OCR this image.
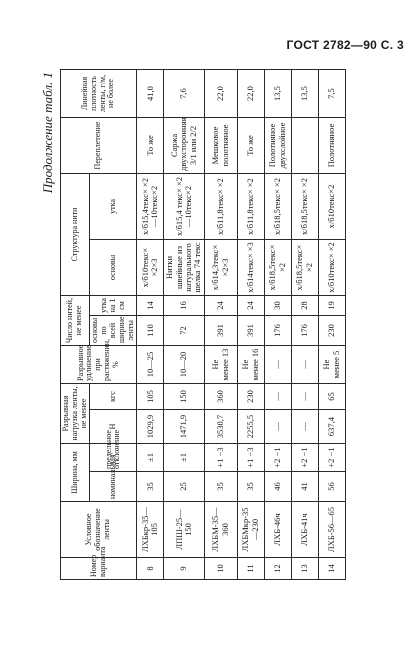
ГОСТ 2782—90 С. 3
Продолжение табл. 1
Номер варианта	Условное обозначение ленты	Ширина, мм		Разрывная нагрузка ленты, не менее		Разрывное удлинение при растяжении, %	Число нитей, не менее		Структура нити		Переплетение	Линейная плотность ленты, г/м, не более
		номинальная	предельное отклонение	Н	кгс		основы по всей ширине ленты	утка на 1 см	основы	утка		
8	ЛХБкр-35—105	35	±1	1029,9	105	10—25	110	14	х/б10текс× ×2×3	х/б15,4текс× ×2—10текс×2	То же	41,0
9	ЛПШ-25—150	25	±1	1471,9	150	10—20	72	16	Нитки швейные из натурального шелка 74 текс	х/б15,4 текс× ×2—10текс×2	Саржа двухсторонняя 3/1 или 2/2	7,6
10	ЛХБМ-35—360	35	+1 −3	3530,7	360	Не менее 13	391	24	х/б14,3текс× ×2×3	х/б11,8текс× ×2	Мешковое полотняное	22,0
11	ЛХБМкр-35—230	35	+1 −3	2255,5	230	Не менее 16	391	24	х/б14текс× ×3	х/б11,8текс× ×2	То же	22,0
12	ЛХБ-46ч	46	+2 −1	—	—	—	176	30	х/б18,5текс× ×2	х/б18,5текс× ×2	Полотняное двухслойное	13,5
13	ЛХБ-41ч	41	+2 −1	—	—	—	176	28	х/б18,5текс× ×2	х/б18,5текс× ×2		13,5
14	ЛХБ-56—65	56	+2 −1	637,4	65	Не менее 5	230	19	х/б10текс× ×2	х/б10текс×2	Полотняное	7,5
